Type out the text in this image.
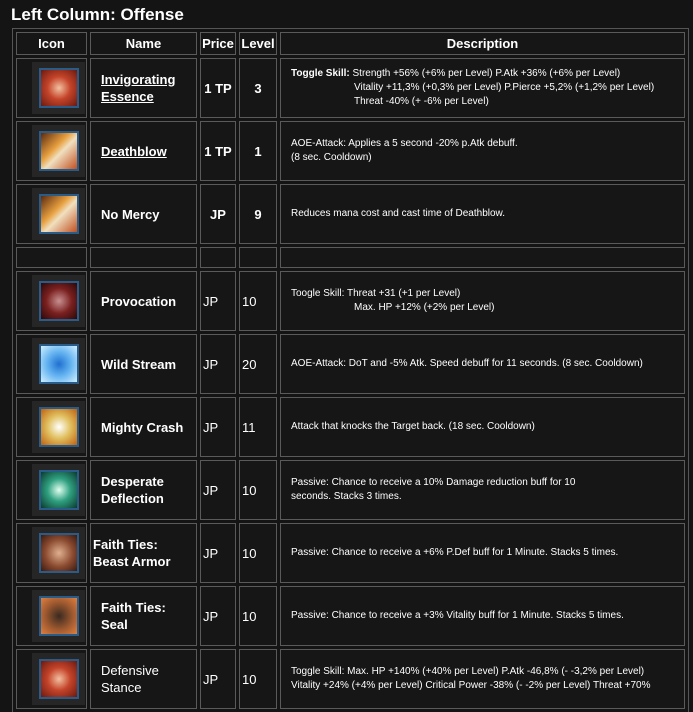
Left Column: Offense
Icon	Name	Price	Level	Description

	Invigorating Essence	1 TP	3	Toggle Skill: Strength +56% (+6% per Level) P.Atk +36% (+6% per Level)
Vitality +11,3% (+0,3% per Level) P.Pierce +5,2% (+1,2% per Level)
Threat -40% (+ -6% per Level)

	Deathblow	1 TP	1	AOE-Attack: Applies a 5 second -20% p.Atk debuff.
(8 sec. Cooldown)

	No Mercy	JP	9	Reduces mana cost and cast time of Deathblow.

	Provocation	JP	10	Toogle Skill: Threat +31 (+1 per Level)
Max. HP +12% (+2% per Level)

	Wild Stream	JP	20	AOE-Attack: DoT and -5% Atk. Speed debuff for 11 seconds. (8 sec. Cooldown)

	Mighty Crash	JP	11	Attack that knocks the Target back. (18 sec. Cooldown)

	Desperate Deflection	JP	10	Passive: Chance to receive a 10% Damage reduction buff for 10
seconds. Stacks 3 times.

	Faith Ties: Beast Armor	JP	10	Passive: Chance to receive a +6% P.Def buff for 1 Minute. Stacks 5 times.

	Faith Ties: Seal	JP	10	Passive: Chance to receive a +3% Vitality buff for 1 Minute. Stacks 5 times.

	Defensive Stance	JP	10	Toggle Skill: Max. HP +140% (+40% per Level) P.Atk -46,8% (- -3,2% per Level)
Vitality +24% (+4% per Level) Critical Power -38% (- -2% per Level) Threat +70%
